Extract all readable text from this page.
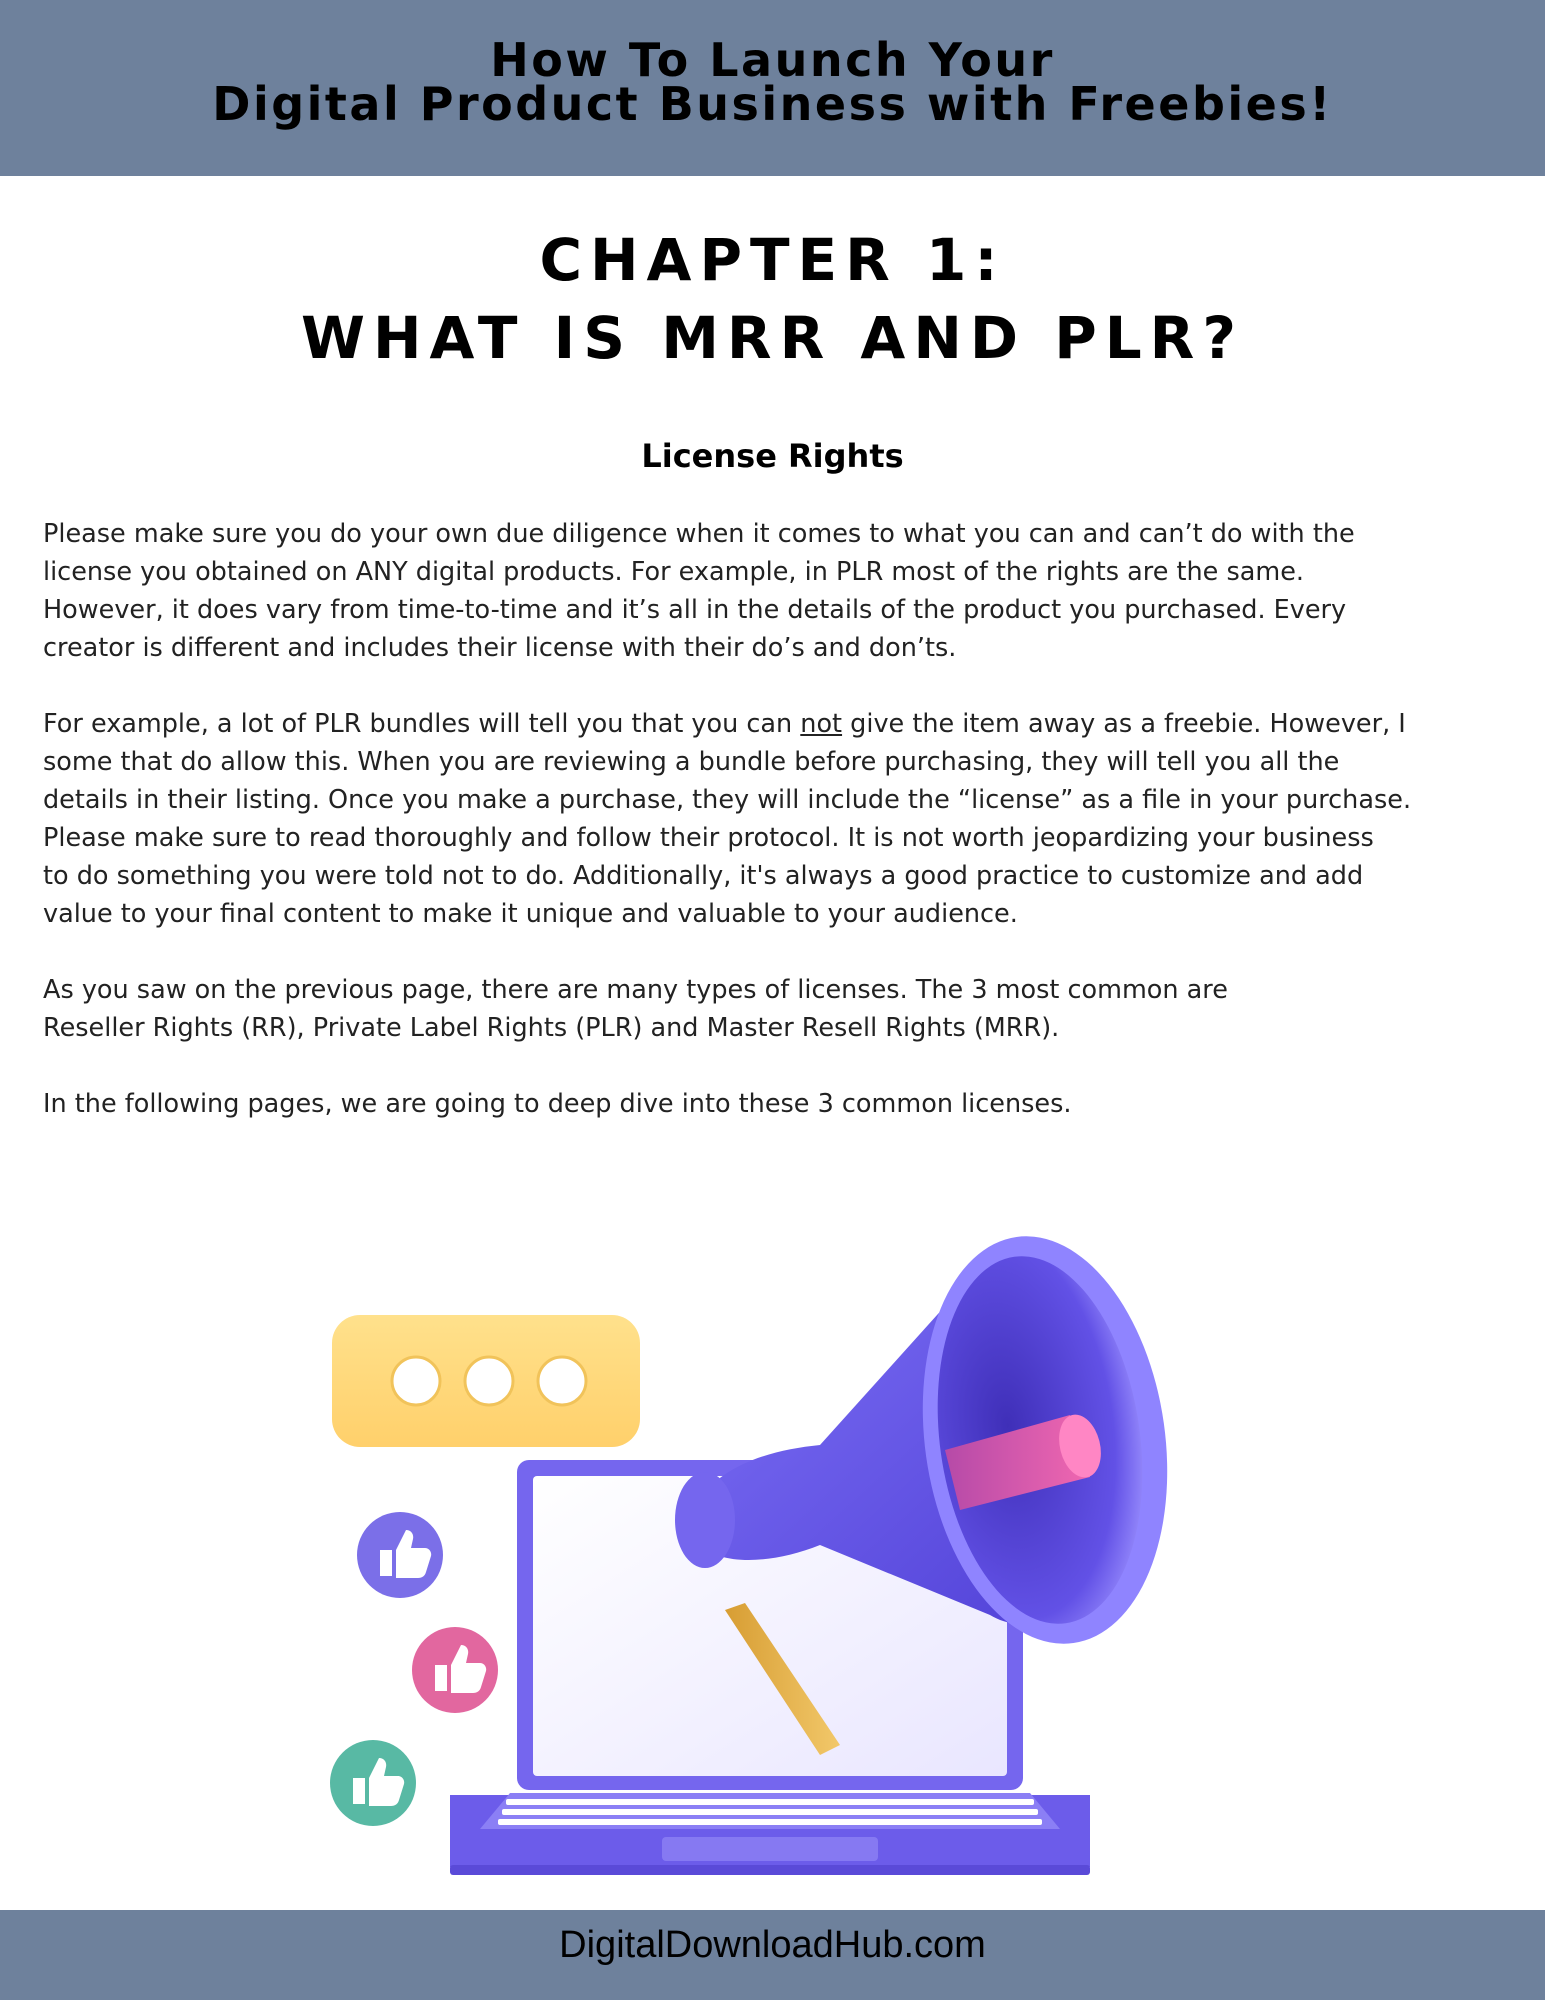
How To Launch Your
Digital Product Business with Freebies!
CHAPTER 1:
WHAT IS MRR AND PLR?
License Rights
Please make sure you do your own due diligence when it comes to what you can and can’t do with the
license you obtained on ANY digital products. For example, in PLR most of the rights are the same.
However, it does vary from time-to-time and it’s all in the details of the product you purchased. Every
creator is different and includes their license with their do’s and don’ts.
For example, a lot of PLR bundles will tell you that you can not give the item away as a freebie. However, I
some that do allow this. When you are reviewing a bundle before purchasing, they will tell you all the
details in their listing. Once you make a purchase, they will include the “license” as a file in your purchase.
Please make sure to read thoroughly and follow their protocol. It is not worth jeopardizing your business
to do something you were told not to do. Additionally, it's always a good practice to customize and add
value to your final content to make it unique and valuable to your audience.
As you saw on the previous page, there are many types of licenses. The 3 most common are
Reseller Rights (RR), Private Label Rights (PLR) and Master Resell Rights (MRR).
In the following pages, we are going to deep dive into these 3 common licenses.
DigitalDownloadHub.com
